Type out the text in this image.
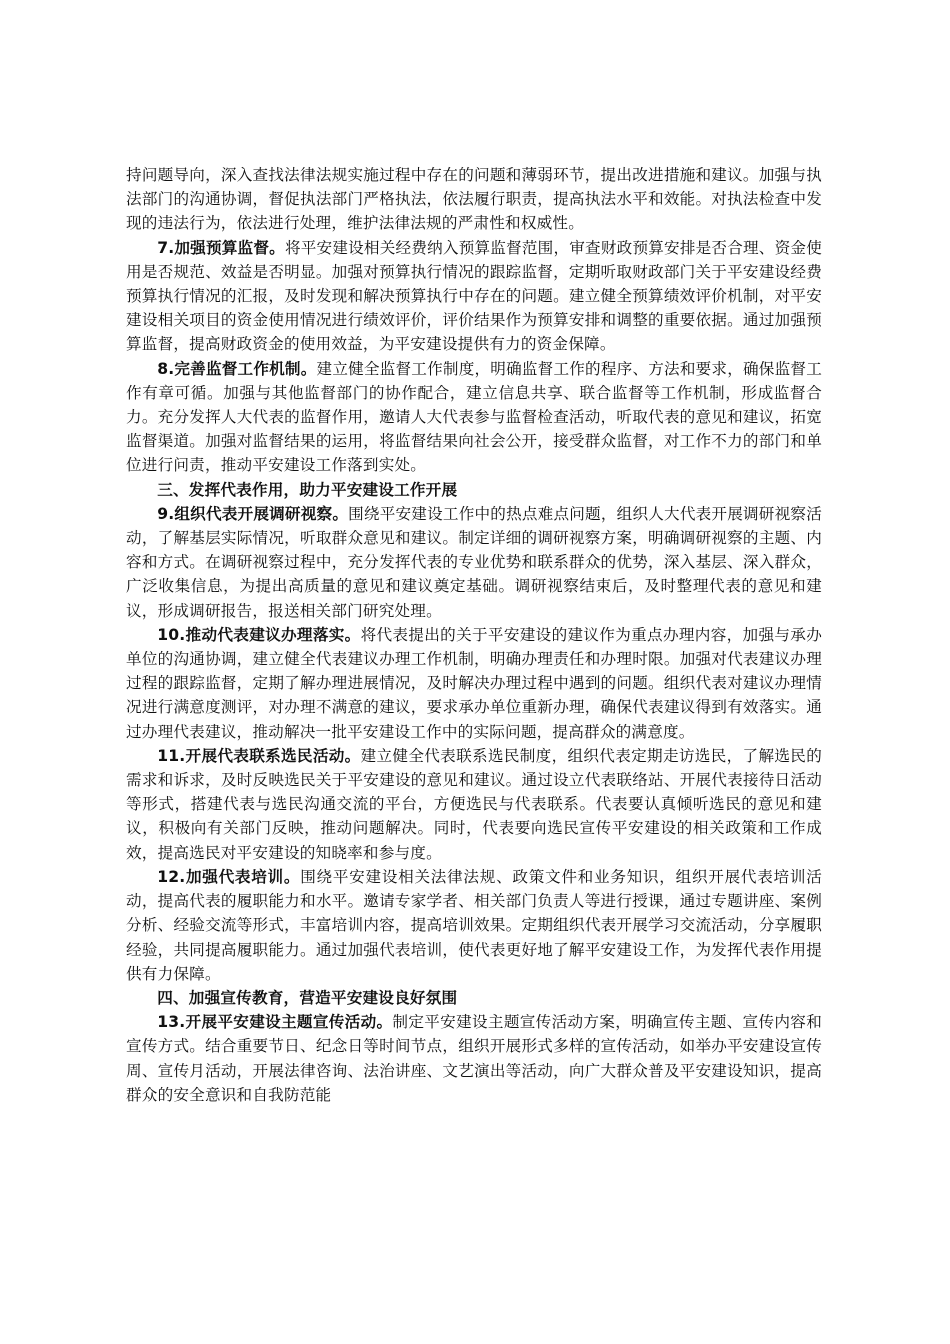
持问题导向，深入查找法律法规实施过程中存在的问题和薄弱环节，提出改进措施和建议。加强与执法部门的沟通协调，督促执法部门严格执法，依法履行职责，提高执法水平和效能。对执法检查中发现的违法行为，依法进行处理，维护法律法规的严肃性和权威性。

7.加强预算监督。将平安建设相关经费纳入预算监督范围，审查财政预算安排是否合理、资金使用是否规范、效益是否明显。加强对预算执行情况的跟踪监督，定期听取财政部门关于平安建设经费预算执行情况的汇报，及时发现和解决预算执行中存在的问题。建立健全预算绩效评价机制，对平安建设相关项目的资金使用情况进行绩效评价，评价结果作为预算安排和调整的重要依据。通过加强预算监督，提高财政资金的使用效益，为平安建设提供有力的资金保障。

8.完善监督工作机制。建立健全监督工作制度，明确监督工作的程序、方法和要求，确保监督工作有章可循。加强与其他监督部门的协作配合，建立信息共享、联合监督等工作机制，形成监督合力。充分发挥人大代表的监督作用，邀请人大代表参与监督检查活动，听取代表的意见和建议，拓宽监督渠道。加强对监督结果的运用，将监督结果向社会公开，接受群众监督，对工作不力的部门和单位进行问责，推动平安建设工作落到实处。

三、发挥代表作用，助力平安建设工作开展

9.组织代表开展调研视察。围绕平安建设工作中的热点难点问题，组织人大代表开展调研视察活动，了解基层实际情况，听取群众意见和建议。制定详细的调研视察方案，明确调研视察的主题、内容和方式。在调研视察过程中，充分发挥代表的专业优势和联系群众的优势，深入基层、深入群众，广泛收集信息，为提出高质量的意见和建议奠定基础。调研视察结束后，及时整理代表的意见和建议，形成调研报告，报送相关部门研究处理。

10.推动代表建议办理落实。将代表提出的关于平安建设的建议作为重点办理内容，加强与承办单位的沟通协调，建立健全代表建议办理工作机制，明确办理责任和办理时限。加强对代表建议办理过程的跟踪监督，定期了解办理进展情况，及时解决办理过程中遇到的问题。组织代表对建议办理情况进行满意度测评，对办理不满意的建议，要求承办单位重新办理，确保代表建议得到有效落实。通过办理代表建议，推动解决一批平安建设工作中的实际问题，提高群众的满意度。

11.开展代表联系选民活动。建立健全代表联系选民制度，组织代表定期走访选民，了解选民的需求和诉求，及时反映选民关于平安建设的意见和建议。通过设立代表联络站、开展代表接待日活动等形式，搭建代表与选民沟通交流的平台，方便选民与代表联系。代表要认真倾听选民的意见和建议，积极向有关部门反映，推动问题解决。同时，代表要向选民宣传平安建设的相关政策和工作成效，提高选民对平安建设的知晓率和参与度。

12.加强代表培训。围绕平安建设相关法律法规、政策文件和业务知识，组织开展代表培训活动，提高代表的履职能力和水平。邀请专家学者、相关部门负责人等进行授课，通过专题讲座、案例分析、经验交流等形式，丰富培训内容，提高培训效果。定期组织代表开展学习交流活动，分享履职经验，共同提高履职能力。通过加强代表培训，使代表更好地了解平安建设工作，为发挥代表作用提供有力保障。

四、加强宣传教育，营造平安建设良好氛围

13.开展平安建设主题宣传活动。制定平安建设主题宣传活动方案，明确宣传主题、宣传内容和宣传方式。结合重要节日、纪念日等时间节点，组织开展形式多样的宣传活动，如举办平安建设宣传周、宣传月活动，开展法律咨询、法治讲座、文艺演出等活动，向广大群众普及平安建设知识，提高群众的安全意识和自我防范能
